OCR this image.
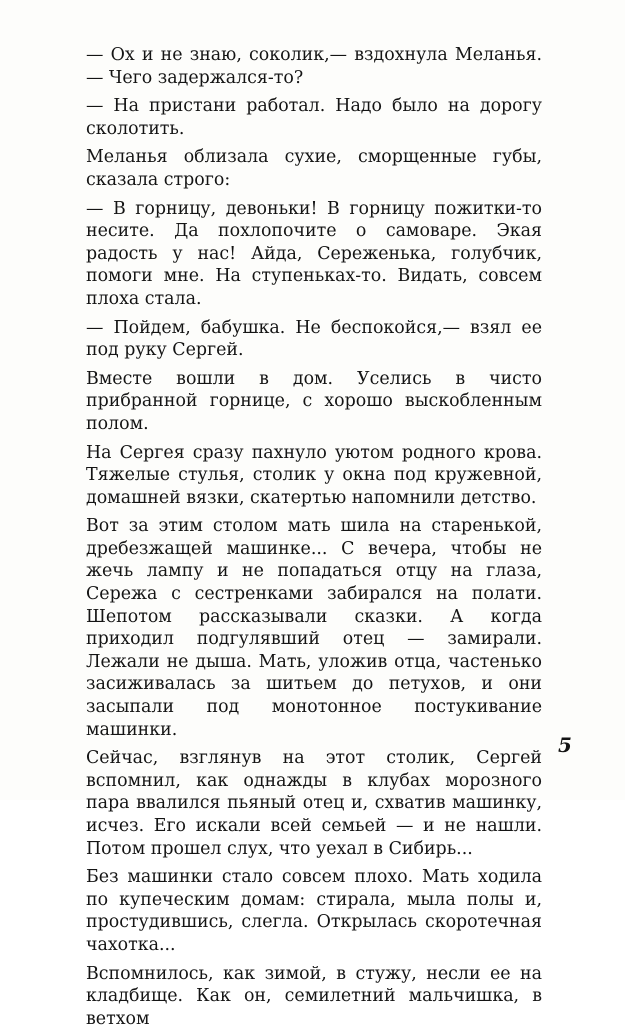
— Ох и не знаю, соколик,— вздохнула Меланья.— Чего задержался-то?

— На пристани работал. Надо было на дорогу сколотить.

Меланья облизала сухие, сморщенные губы, сказала строго:

— В горницу, девоньки! В горницу пожитки-то несите. Да похлопочите о самоваре. Экая радость у нас! Айда, Сереженька, голубчик, помоги мне. На ступеньках-то. Видать, совсем плоха стала.

— Пойдем, бабушка. Не беспокойся,— взял ее под руку Сергей.

Вместе вошли в дом. Уселись в чисто прибранной горнице, с хорошо выскобленным полом.

На Сергея сразу пахнуло уютом родного крова. Тяжелые стулья, столик у окна под кружевной, домашней вязки, скатертью напомнили детство.

Вот за этим столом мать шила на старенькой, дребезжащей машинке... С вечера, чтобы не жечь лампу и не попадаться отцу на глаза, Сережа с сестренками забирался на полати. Шепотом рассказывали сказки. А когда приходил подгулявший отец — замирали. Лежали не дыша. Мать, уложив отца, частенько засиживалась за шитьем до петухов, и они засыпали под монотонное постукивание машинки.

Сейчас, взглянув на этот столик, Сергей вспомнил, как однажды в клубах морозного пара ввалился пьяный отец и, схватив машинку, исчез. Его искали всей семьей — и не нашли. Потом прошел слух, что уехал в Сибирь...

Без машинки стало совсем плохо. Мать ходила по купеческим домам: стирала, мыла полы и, простудившись, слегла. Открылась скоротечная чахотка...

Вспомнилось, как зимой, в стужу, несли ее на кладбище. Как он, семилетний мальчишка, в ветхом

5
